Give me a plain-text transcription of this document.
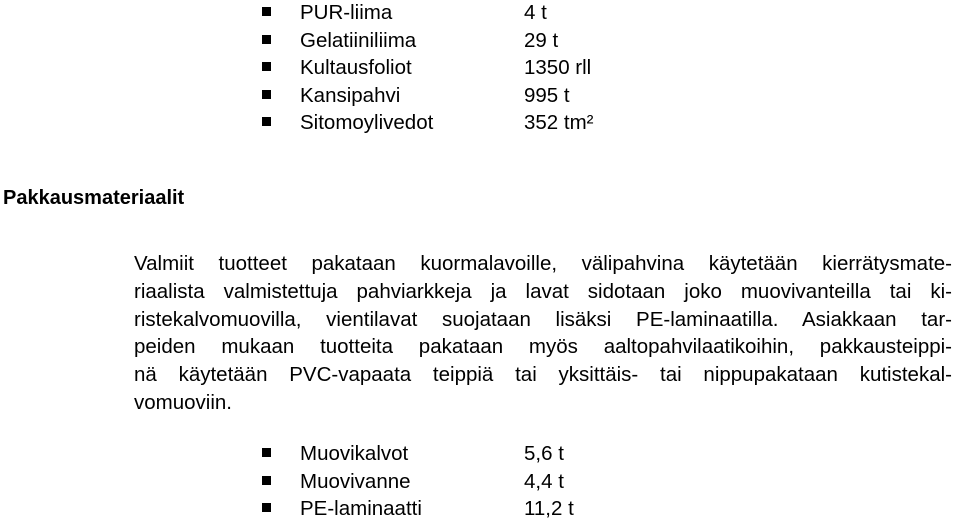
PUR-liima	4 t
Gelatiiniliima	29 t
Kultausfoliot	1350 rll
Kansipahvi	995 t
Sitomoylivedot	352 tm²
Pakkausmateriaalit

Valmiit tuotteet pakataan kuormalavoille, välipahvina käytetään kierrätysmate-
riaalista valmistettuja pahviarkkeja ja lavat sidotaan joko muovivanteilla tai ki-
ristekalvomuovilla, vientilavat suojataan lisäksi PE-laminaatilla. Asiakkaan tar-
peiden mukaan tuotteita pakataan myös aaltopahvilaatikoihin, pakkausteippi-
nä käytetään PVC-vapaata teippiä tai yksittäis- tai nippupakataan kutistekal-
vomuoviin.

Muovikalvot	5,6 t
Muovivanne	4,4 t
PE-laminaatti	11,2 t
